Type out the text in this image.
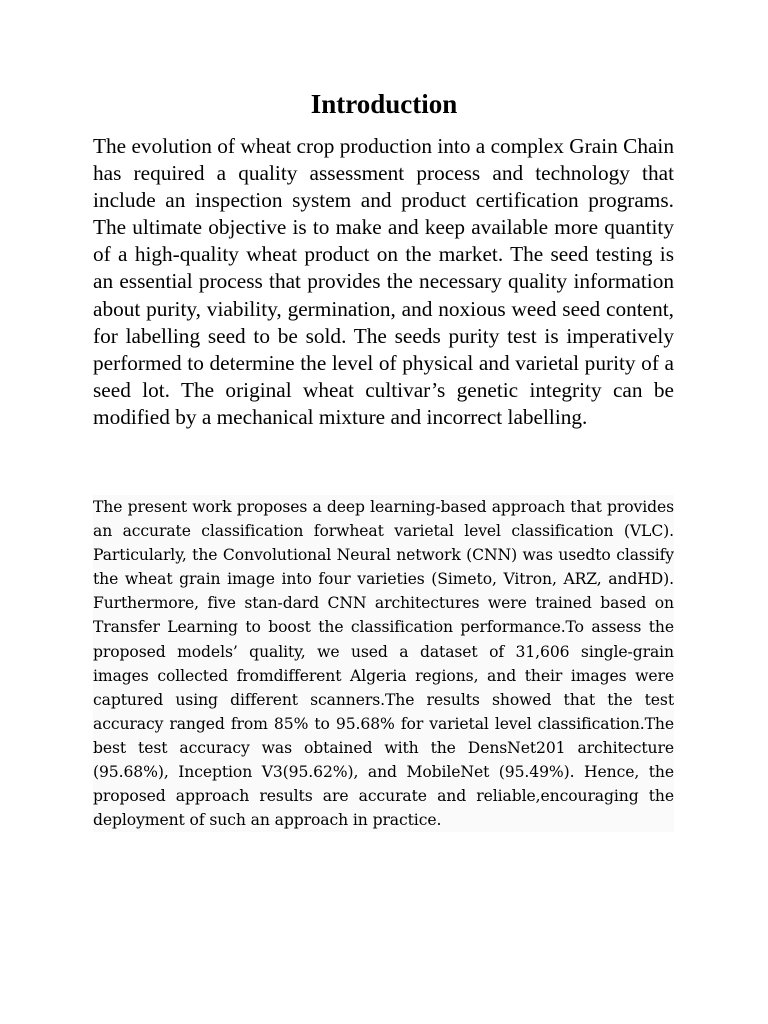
Introduction

The evolution of wheat crop production into a complex Grain Chain has required a quality assessment process and technology that include an inspection system and product certification programs. The ultimate objective is to make and keep available more quantity of a high-quality wheat product on the market. The seed testing is an essential process that provides the necessary quality information about purity, viability, germination, and noxious weed seed content, for labelling seed to be sold. The seeds purity test is imperatively performed to determine the level of physical and varietal purity of a seed lot. The original wheat cultivar’s genetic integrity can be modified by a mechanical mixture and incorrect labelling.

The present work proposes a deep learning-based approach that provides an accurate classification forwheat varietal level classification (VLC). Particularly, the Convolutional Neural network (CNN) was usedto classify the wheat grain image into four varieties (Simeto, Vitron, ARZ, andHD). Furthermore, five stan-dard CNN architectures were trained based on Transfer Learning to boost the classification performance.To assess the proposed models’ quality, we used a dataset of 31,606 single-grain images collected fromdifferent Algeria regions, and their images were captured using different scanners.The results showed that the test accuracy ranged from 85% to 95.68% for varietal level classification.The best test accuracy was obtained with the DensNet201 architecture (95.68%), Inception V3(95.62%), and MobileNet (95.49%). Hence, the proposed approach results are accurate and reliable,encouraging the deployment of such an approach in practice.
